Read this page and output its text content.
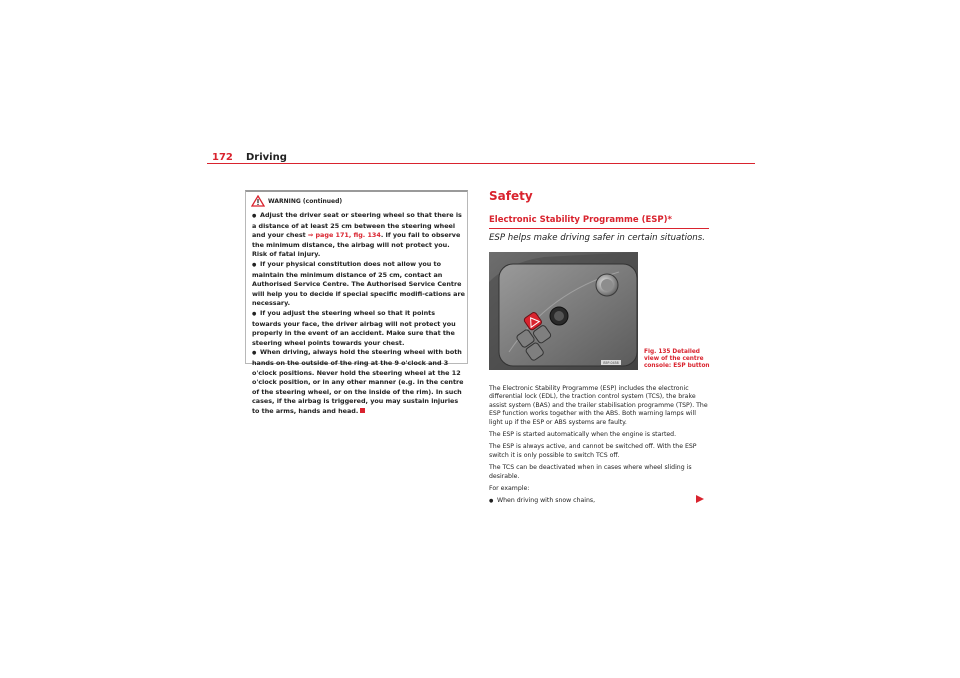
172 Driving
WARNING (continued)

● Adjust the driver seat or steering wheel so that there is a distance of at least 25 cm between the steering wheel and your chest ⇒ page 171, fig. 134. If you fail to observe the minimum distance, the airbag will not protect you. Risk of fatal injury.

● If your physical constitution does not allow you to maintain the minimum distance of 25 cm, contact an Authorised Service Centre. The Authorised Service Centre will help you to decide if special specific modifi-cations are necessary.

● If you adjust the steering wheel so that it points towards your face, the driver airbag will not protect you properly in the event of an accident. Make sure that the steering wheel points towards your chest.

● When driving, always hold the steering wheel with both hands on the outside of the ring at the 9 o'clock and 3 o'clock positions. Never hold the steering wheel at the 12 o'clock position, or in any other manner (e.g. in the centre of the steering wheel, or on the inside of the rim). In such cases, if the airbag is triggered, you may sustain injuries to the arms, hands and head.

Safety
Electronic Stability Programme (ESP)*
ESP helps make driving safer in certain situations.
B5P-0458
Fig. 135 Detailed view of the centre console: ESP button

The Electronic Stability Programme (ESP) includes the electronic differential lock (EDL), the traction control system (TCS), the brake assist system (BAS) and the trailer stabilisation programme (TSP). The ESP function works together with the ABS. Both warning lamps will light up if the ESP or ABS systems are faulty.

The ESP is started automatically when the engine is started.

The ESP is always active, and cannot be switched off. With the ESP switch it is only possible to switch TCS off.

The TCS can be deactivated when in cases where wheel sliding is desirable.

For example:

● When driving with snow chains,
